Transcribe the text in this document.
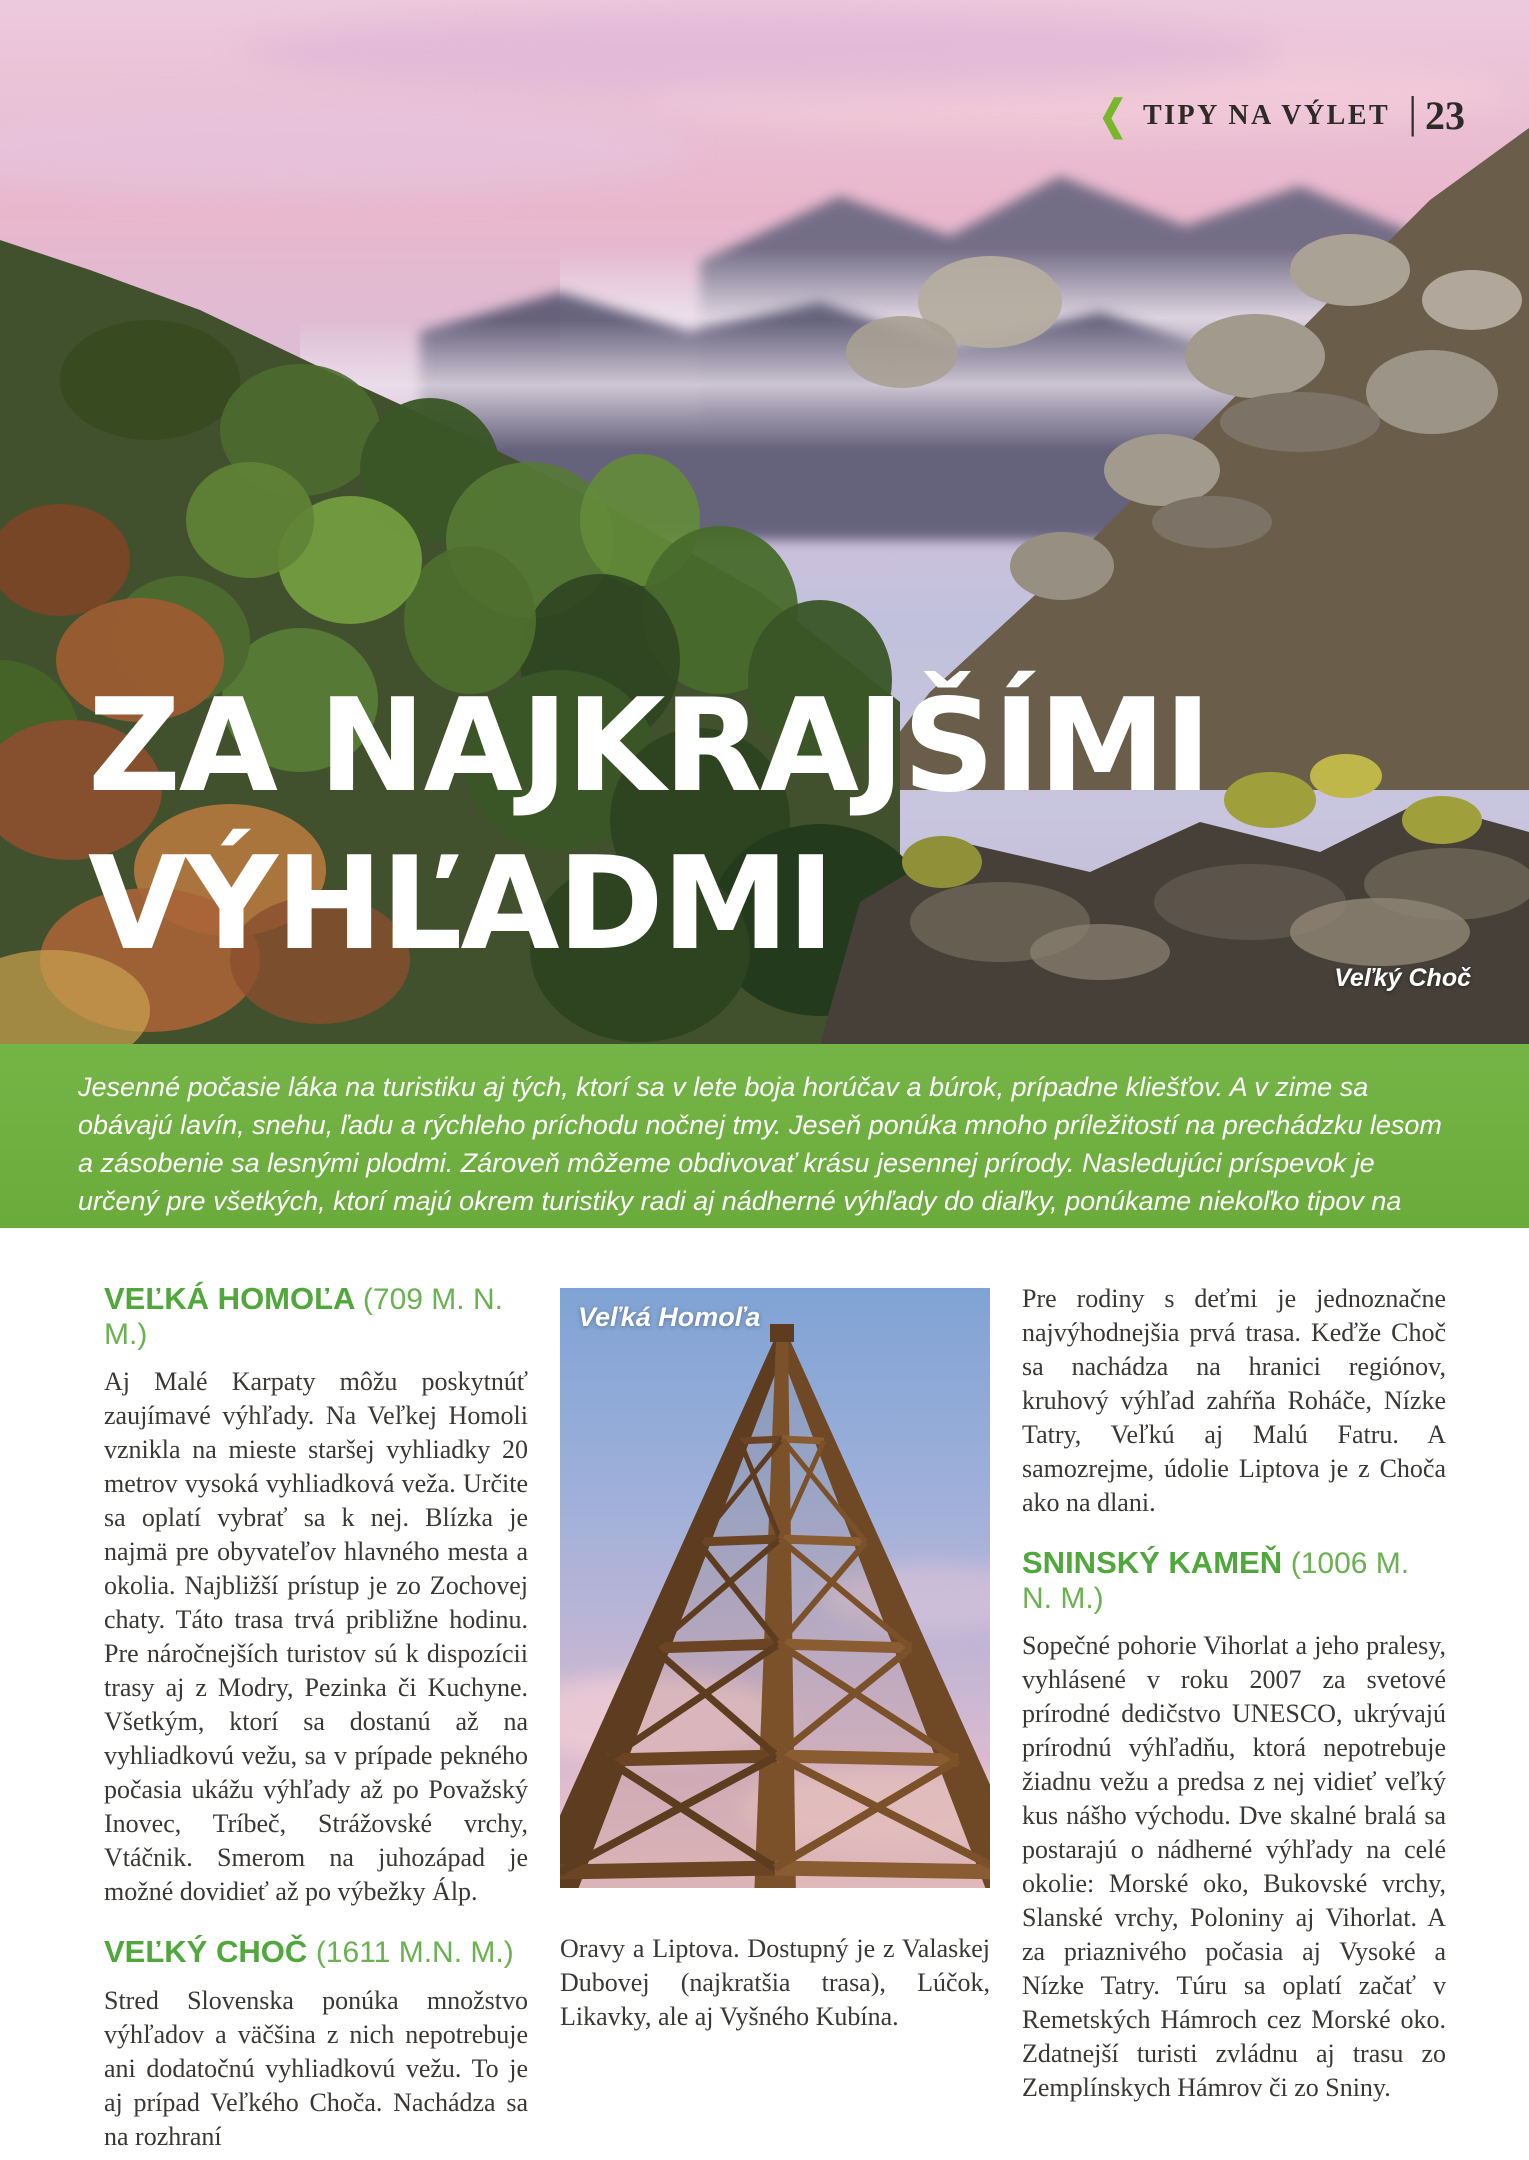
❮ TIPY NA VÝLET | 23
ZA NAJKRAJŠÍMI
VÝHĽADMI	Veľký Choč

Jesenné počasie láka na turistiku aj tých, ktorí sa v lete boja horúčav a búrok, prípadne kliešťov. A v zime sa obávajú lavín, snehu, ľadu a rýchleho príchodu nočnej tmy. Jeseň ponúka mnoho príležitostí na prechádzku lesom a zásobenie sa lesnými plodmi. Zároveň môžeme obdivovať krásu jesennej prírody. Nasledujúci príspevok je určený pre všetkých, ktorí majú okrem turistiky radi aj nádherné výhľady do diaľky, ponúkame niekoľko tipov na výlet.

VEĽKÁ HOMOĽA (709 M. N. M.)

Aj Malé Karpaty môžu poskytnúť zaujímavé výhľady. Na Veľkej Homoli vznikla na mieste staršej vyhliadky 20 metrov vysoká vyhliadková veža. Určite sa oplatí vybrať sa k nej. Blízka je najmä pre obyvateľov hlavného mesta a okolia. Najbližší prístup je zo Zochovej chaty. Táto trasa trvá približne hodinu. Pre náročnejších turistov sú k dispozícii trasy aj z Modry, Pezinka či Kuchyne. Všetkým, ktorí sa dostanú až na vyhliadkovú vežu, sa v prípade pekného počasia ukážu výhľady až po Považský Inovec, Tríbeč, Strážovské vrchy, Vtáčnik. Smerom na juhozápad je možné dovidieť až po výbežky Álp.

VEĽKÝ CHOČ (1611 M.N. M.)

Stred Slovenska ponúka množstvo výhľadov a väčšina z nich nepotrebuje ani dodatočnú vyhliadkovú vežu. To je aj prípad Veľkého Choča. Nachádza sa na rozhraní

Veľká Homoľa

Oravy a Liptova. Dostupný je z Valaskej Dubovej (najkratšia trasa), Lúčok, Likavky, ale aj Vyšného Kubína.

Pre rodiny s deťmi je jednoznačne najvýhodnejšia prvá trasa. Keďže Choč sa nachádza na hranici regiónov, kruhový výhľad zahŕňa Roháče, Nízke Tatry, Veľkú aj Malú Fatru. A samozrejme, údolie Liptova je z Choča ako na dlani.

SNINSKÝ KAMEŇ (1006 M. N. M.)

Sopečné pohorie Vihorlat a jeho pralesy, vyhlásené v roku 2007 za svetové prírodné dedičstvo UNESCO, ukrývajú prírodnú výhľadňu, ktorá nepotrebuje žiadnu vežu a predsa z nej vidieť veľký kus nášho východu. Dve skalné bralá sa postarajú o nádherné výhľady na celé okolie: Morské oko, Bukovské vrchy, Slanské vrchy, Poloniny aj Vihorlat. A za priaznivého počasia aj Vysoké a Nízke Tatry. Túru sa oplatí začať v Remetských Hámroch cez Morské oko. Zdatnejší turisti zvládnu aj trasu zo Zemplínskych Hámrov či zo Sniny.
